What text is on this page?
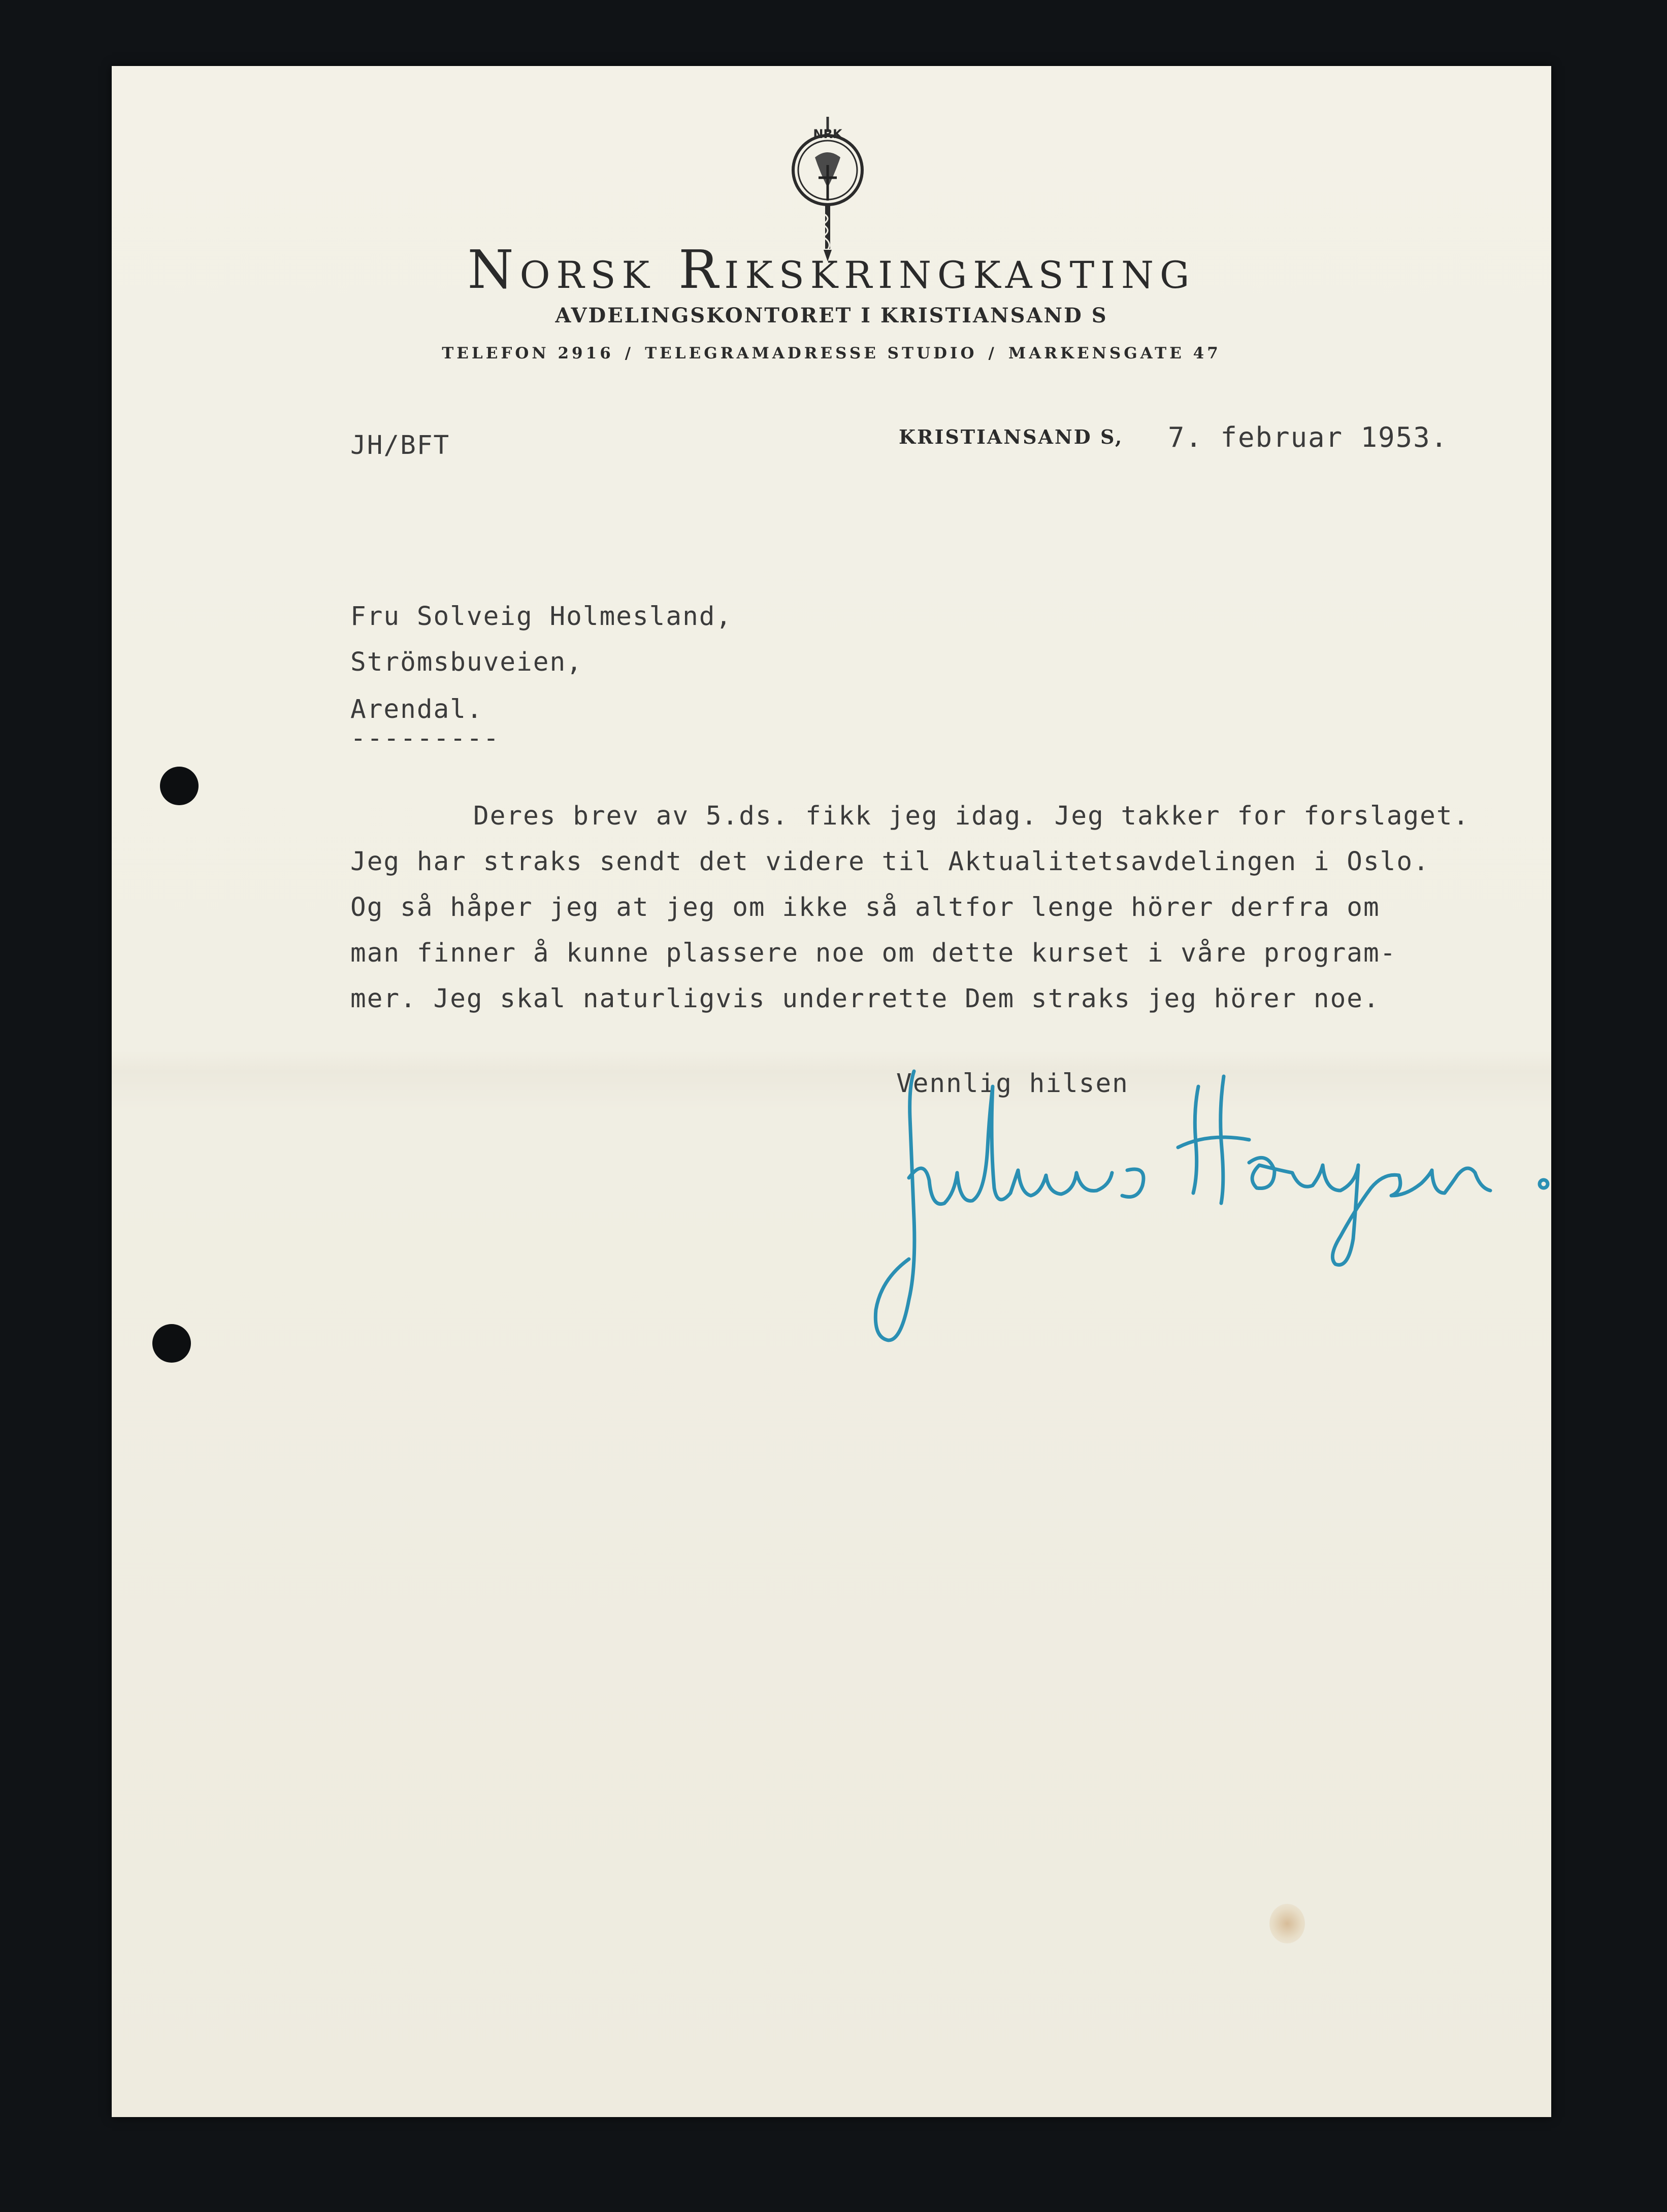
NRK
Norsk Rikskringkasting
AVDELINGSKONTORET I KRISTIANSAND S
TELEFON 2916 / TELEGRAMADRESSE STUDIO / MARKENSGATE 47
JH/BFT	KRISTIANSAND S, 7. februar 1953.
Fru Solveig Holmesland,
Strömsbuveien,
Arendal.
---------
Deres brev av 5.ds. fikk jeg idag. Jeg takker for forslaget.
Jeg har straks sendt det videre til Aktualitetsavdelingen i Oslo.
Og så håper jeg at jeg om ikke så altfor lenge hörer derfra om
man finner å kunne plassere noe om dette kurset i våre program-
mer. Jeg skal naturligvis underrette Dem straks jeg hörer noe.
Vennlig hilsen
